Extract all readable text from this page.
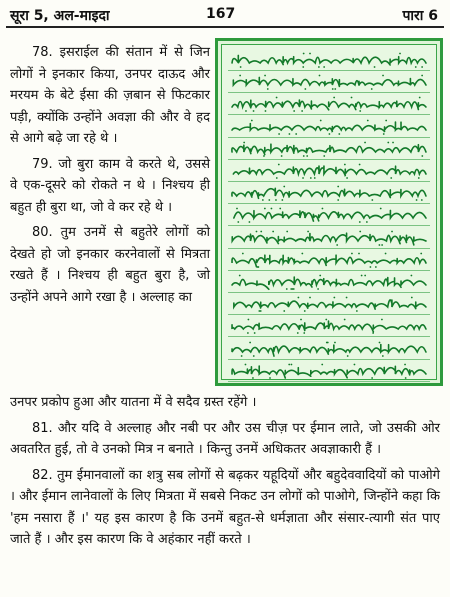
सूरा 5, अल-माइदा	167	पारा 6

78. इसराईल की संतान में से जिन लोगों ने इनकार किया, उनपर दाऊद और मरयम के बेटे ईसा की ज़बान से फिटकार पड़ी, क्योंकि उन्होंने अवज्ञा की और वे हद से आगे बढ़े जा रहे थे ।

79. जो बुरा काम वे करते थे, उससे वे एक-दूसरे को रोकते न थे । निश्चय ही बहुत ही बुरा था, जो वे कर रहे थे ।

80. तुम उनमें से बहुतेरे लोगों को देखते हो जो इनकार करनेवालों से मित्रता रखते हैं । निश्चय ही बहुत बुरा है, जो उन्होंने अपने आगे रखा है । अल्लाह का

उनपर प्रकोप हुआ और यातना में वे सदैव ग्रस्त रहेंगे ।

81. और यदि वे अल्लाह और नबी पर और उस चीज़ पर ईमान लाते, जो उसकी ओर अवतरित हुई, तो वे उनको मित्र न बनाते । किन्तु उनमें अधिकतर अवज्ञाकारी हैं ।

82. तुम ईमानवालों का शत्रु सब लोगों से बढ़कर यहूदियों और बहुदेववादियों को पाओगे । और ईमान लानेवालों के लिए मित्रता में सबसे निकट उन लोगों को पाओगे, जिन्होंने कहा कि 'हम नसारा हैं ।' यह इस कारण है कि उनमें बहुत-से धर्मज्ञाता और संसार-त्यागी संत पाए जाते हैं । और इस कारण कि वे अहंकार नहीं करते ।
